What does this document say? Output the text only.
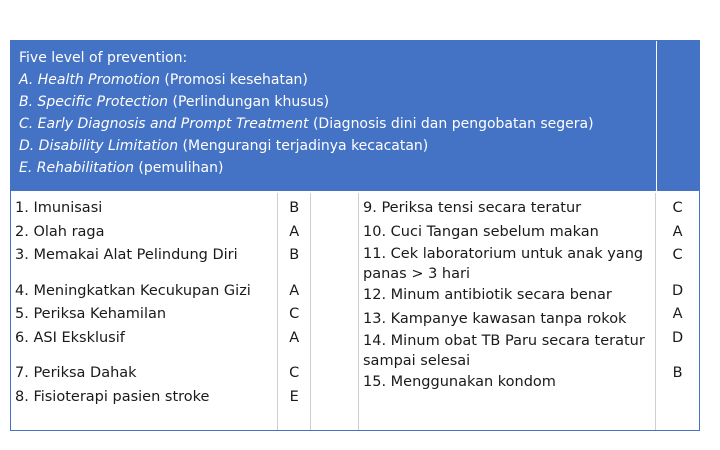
Five level of prevention:
A. Health Promotion (Promosi kesehatan)
B. Specific Protection (Perlindungan khusus)
C. Early Diagnosis and Prompt Treatment (Diagnosis dini dan pengobatan segera)
D. Disability Limitation (Mengurangi terjadinya kecacatan)
E. Rehabilitation (pemulihan)
1. Imunisasi
2. Olah raga
3. Memakai Alat Pelindung Diri
4. Meningkatkan Kecukupan Gizi
5. Periksa Kehamilan
6. ASI Eksklusif
7. Periksa Dahak
8. Fisioterapi pasien stroke
B
A
B
A
C
A
C
E
9. Periksa tensi secara teratur
10. Cuci Tangan sebelum makan
11. Cek laboratorium untuk anak yang panas > 3 hari
12. Minum antibiotik secara benar
13. Kampanye kawasan tanpa rokok
14. Minum obat TB Paru secara teratur sampai selesai
15. Menggunakan kondom
C
A
C
D
A
D
B
